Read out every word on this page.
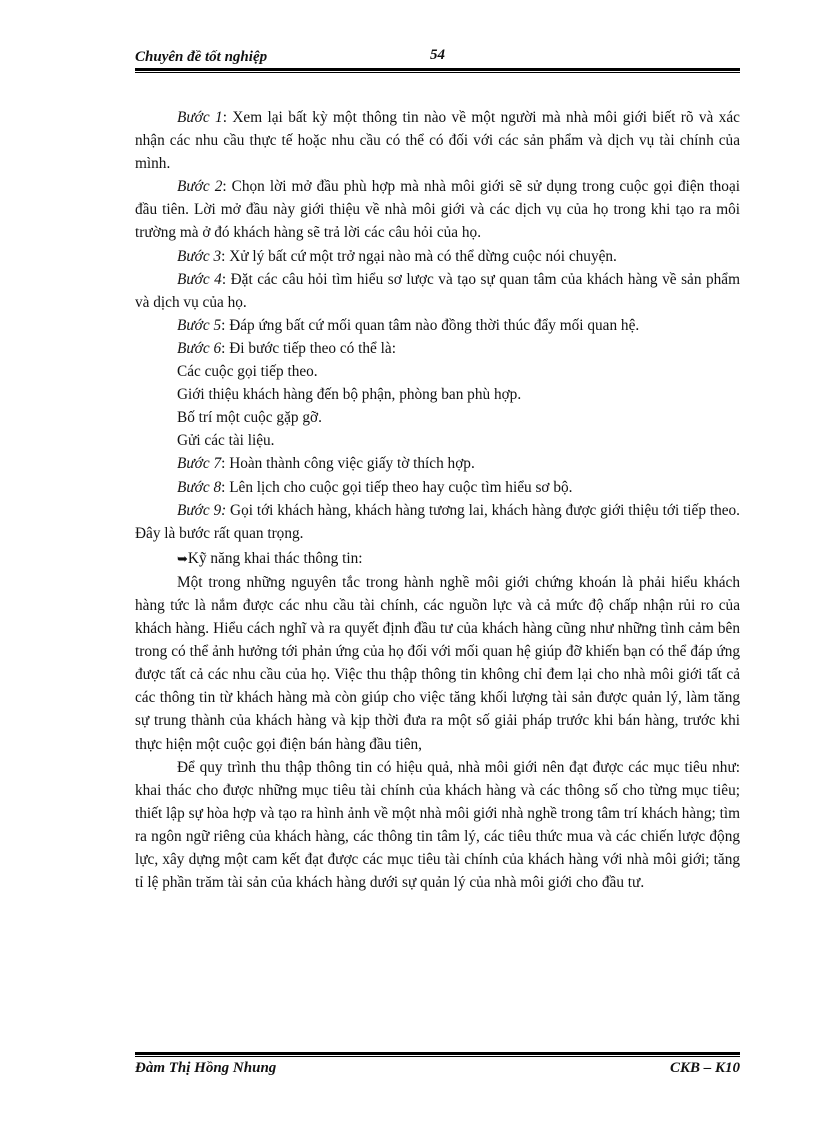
Chuyên đề tốt nghiệp	54

Bước 1: Xem lại bất kỳ một thông tin nào về một người mà nhà môi giới biết rõ và xác nhận các nhu cầu thực tế hoặc nhu cầu có thể có đối với các sản phẩm và dịch vụ tài chính của mình.

Bước 2: Chọn lời mở đầu phù hợp mà nhà môi giới sẽ sử dụng trong cuộc gọi điện thoại đầu tiên. Lời mở đầu này giới thiệu về nhà môi giới và các dịch vụ của họ trong khi tạo ra môi trường mà ở đó khách hàng sẽ trả lời các câu hỏi của họ.

Bước 3: Xử lý bất cứ một trở ngại nào mà có thể dừng cuộc nói chuyện.

Bước 4: Đặt các câu hỏi tìm hiểu sơ lược và tạo sự quan tâm của khách hàng về sản phẩm và dịch vụ của họ.

Bước 5: Đáp ứng bất cứ mối quan tâm nào đồng thời thúc đẩy mối quan hệ.

Bước 6: Đi bước tiếp theo có thể là:

Các cuộc gọi tiếp theo.

Giới thiệu khách hàng đến bộ phận, phòng ban phù hợp.

Bố trí một cuộc gặp gỡ.

Gửi các tài liệu.

Bước 7: Hoàn thành công việc giấy tờ thích hợp.

Bước 8: Lên lịch cho cuộc gọi tiếp theo hay cuộc tìm hiểu sơ bộ.

Bước 9: Gọi tới khách hàng, khách hàng tương lai, khách hàng được giới thiệu tới tiếp theo. Đây là bước rất quan trọng.

➥Kỹ năng khai thác thông tin:

Một trong những nguyên tắc trong hành nghề môi giới chứng khoán là phải hiểu khách hàng tức là nắm được các nhu cầu tài chính, các nguồn lực và cả mức độ chấp nhận rủi ro của khách hàng. Hiểu cách nghĩ và ra quyết định đầu tư của khách hàng cũng như những tình cảm bên trong có thể ảnh hưởng tới phản ứng của họ đối với mối quan hệ giúp đỡ khiến bạn có thể đáp ứng được tất cả các nhu cầu của họ. Việc thu thập thông tin không chỉ đem lại cho nhà môi giới tất cả các thông tin từ khách hàng mà còn giúp cho việc tăng khối lượng tài sản được quản lý, làm tăng sự trung thành của khách hàng và kịp thời đưa ra một số giải pháp trước khi bán hàng, trước khi thực hiện một cuộc gọi điện bán hàng đầu tiên,

Để quy trình thu thập thông tin có hiệu quả, nhà môi giới nên đạt được các mục tiêu như: khai thác cho được những mục tiêu tài chính của khách hàng và các thông số cho từng mục tiêu; thiết lập sự hòa hợp và tạo ra hình ảnh về một nhà môi giới nhà nghề trong tâm trí khách hàng; tìm ra ngôn ngữ riêng của khách hàng, các thông tin tâm lý, các tiêu thức mua và các chiến lược động lực, xây dựng một cam kết đạt được các mục tiêu tài chính của khách hàng với nhà môi giới; tăng tỉ lệ phần trăm tài sản của khách hàng dưới sự quản lý của nhà môi giới cho đầu tư.

Đàm Thị Hồng Nhung	CKB – K10
